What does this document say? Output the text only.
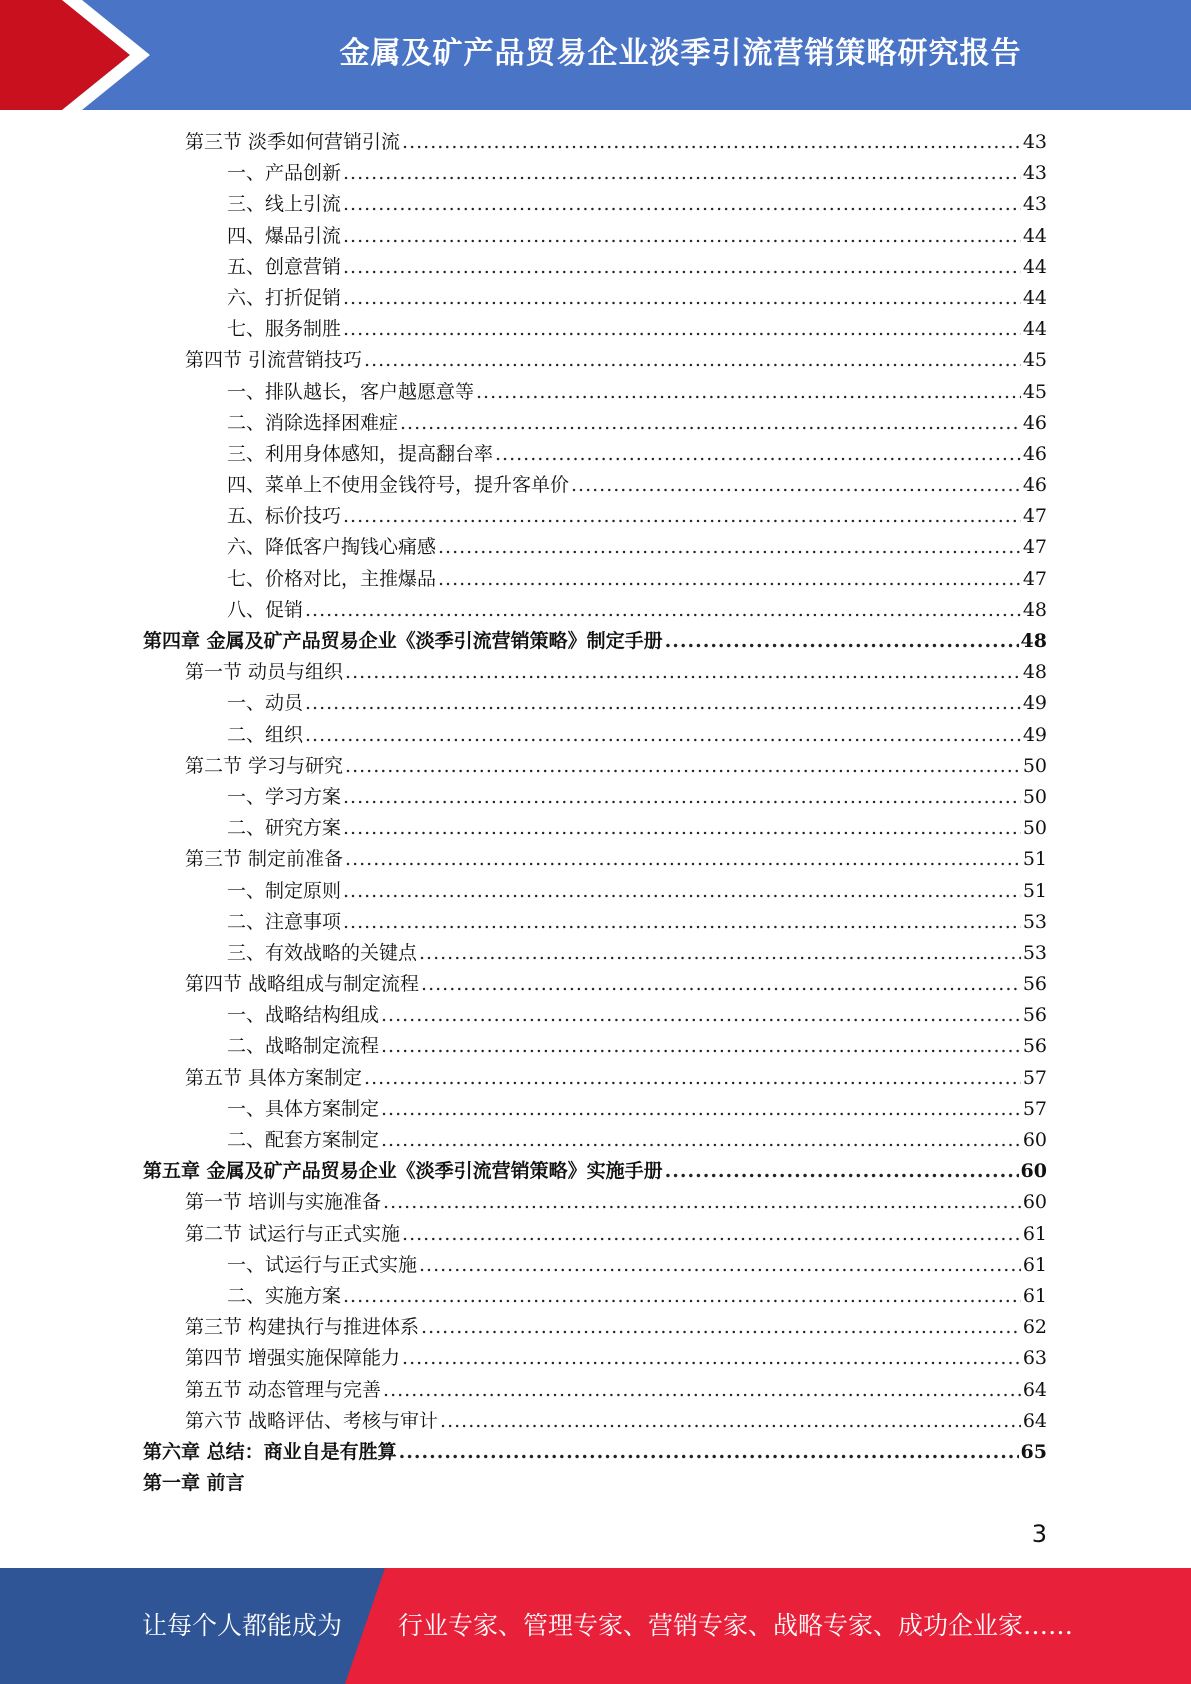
金属及矿产品贸易企业淡季引流营销策略研究报告
第三节 淡季如何营销引流 .....	43
一、产品创新 .....	43
三、线上引流 .....	43
四、爆品引流 .....	44
五、创意营销 .....	44
六、打折促销 .....	44
七、服务制胜 .....	44
第四节 引流营销技巧 .....	45
一、排队越长，客户越愿意等 .....	45
二、消除选择困难症 .....	46
三、利用身体感知，提高翻台率 .....	46
四、菜单上不使用金钱符号，提升客单价 .....	46
五、标价技巧 .....	47
六、降低客户掏钱心痛感 .....	47
七、价格对比，主推爆品 .....	47
八、促销 .....	48
第四章 金属及矿产品贸易企业《淡季引流营销策略》制定手册 .....	48
第一节 动员与组织 .....	48
一、动员 .....	49
二、组织 .....	49
第二节 学习与研究 .....	50
一、学习方案 .....	50
二、研究方案 .....	50
第三节 制定前准备 .....	51
一、制定原则 .....	51
二、注意事项 .....	53
三、有效战略的关键点 .....	53
第四节 战略组成与制定流程 .....	56
一、战略结构组成 .....	56
二、战略制定流程 .....	56
第五节 具体方案制定 .....	57
一、具体方案制定 .....	57
二、配套方案制定 .....	60
第五章 金属及矿产品贸易企业《淡季引流营销策略》实施手册 .....	60
第一节 培训与实施准备 .....	60
第二节 试运行与正式实施 .....	61
一、试运行与正式实施 .....	61
二、实施方案 .....	61
第三节 构建执行与推进体系 .....	62
第四节 增强实施保障能力 .....	63
第五节 动态管理与完善 .....	64
第六节 战略评估、考核与审计 .....	64
第六章 总结：商业自是有胜算 .....	65
第一章 前言
3
让每个人都能成为 行业专家、管理专家、营销专家、战略专家、成功企业家……
